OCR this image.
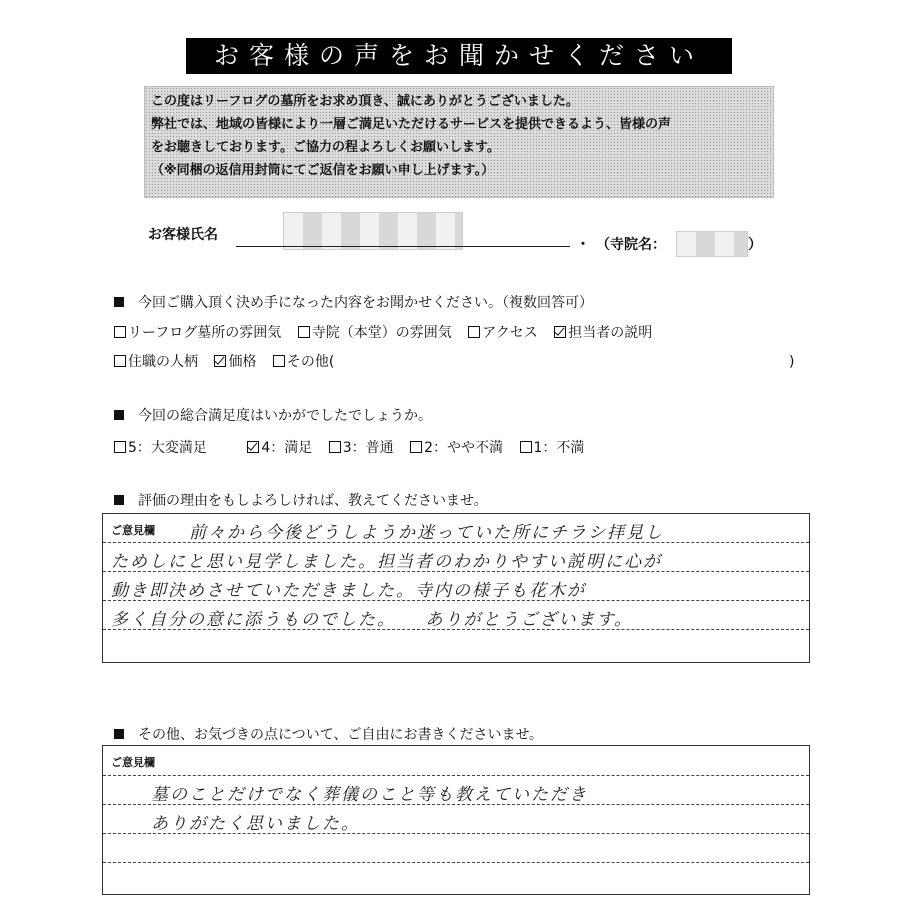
お客様の声をお聞かせください
この度はリーフログの墓所をお求め頂き、誠にありがとうございました。
弊社では、地域の皆様により一層ご満足いただけるサービスを提供できるよう、皆様の声
をお聴きしております。ご協力の程よろしくお願いします。
（※同梱の返信用封筒にてご返信をお願い申し上げます。）
お客様氏名
・ （寺院名：	）
今回ご購入頂く決め手になった内容をお聞かせください。（複数回答可）
リーフログ墓所の雰囲気 寺院（本堂）の雰囲気 アクセス 担当者の説明
住職の人柄 価格 その他(	)
今回の総合満足度はいかがでしたでしょうか。
5：大変満足	4：満足 3：普通 2：やや不満 1：不満
評価の理由をもしよろしければ、教えてくださいませ。
ご意見欄 前々から今後どうしようか迷っていた所にチラシ拝見し
ためしにと思い見学しました。担当者のわかりやすい説明に心が
動き即決めさせていただきました。寺内の様子も花木が
多く自分の意に添うものでした。　　ありがとうございます。
その他、お気づきの点について、ご自由にお書きくださいませ。
ご意見欄
墓のことだけでなく葬儀のこと等も教えていただき
ありがたく思いました。
